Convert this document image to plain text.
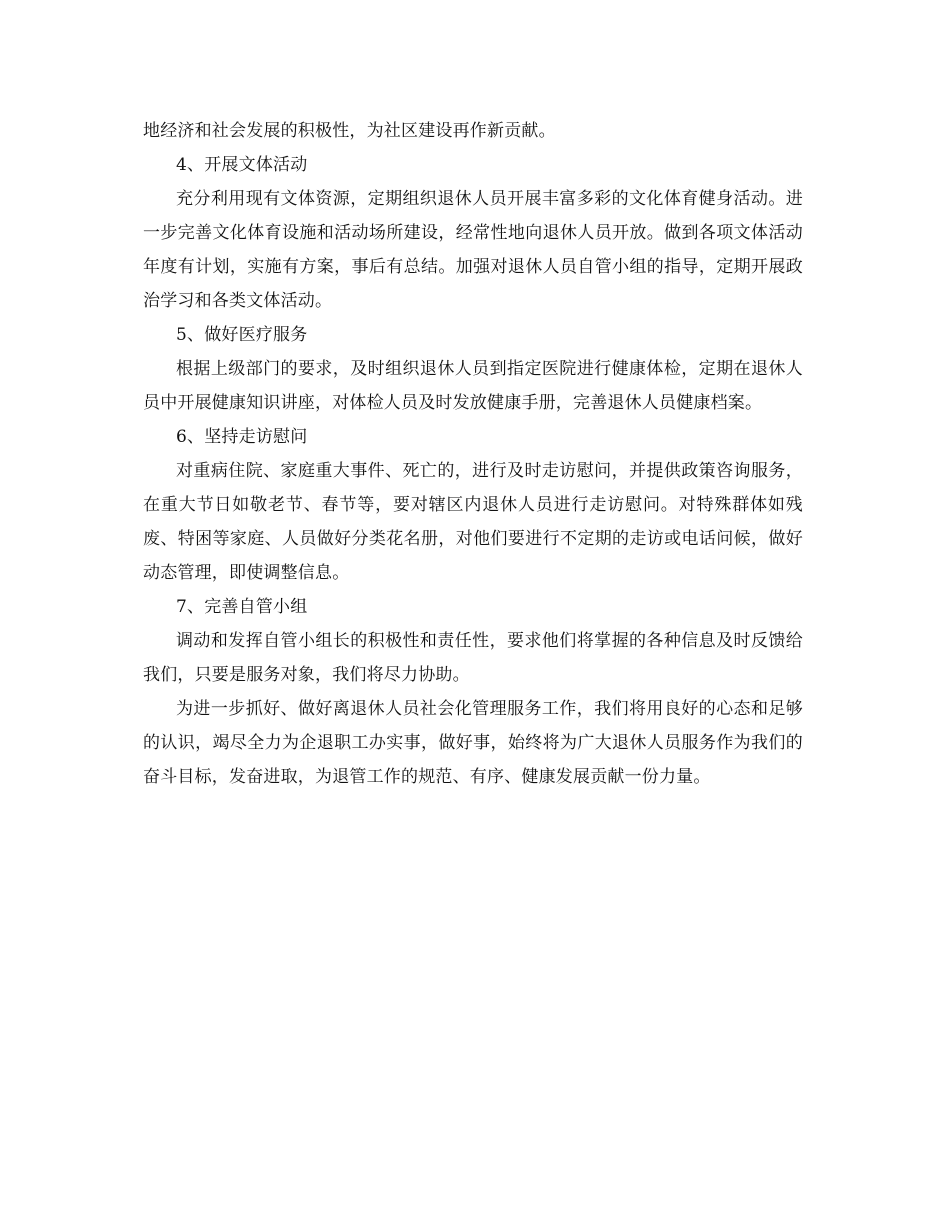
地经济和社会发展的积极性，为社区建设再作新贡献。

4、开展文体活动

充分利用现有文体资源，定期组织退休人员开展丰富多彩的文化体育健身活动。进一步完善文化体育设施和活动场所建设，经常性地向退休人员开放。做到各项文体活动年度有计划，实施有方案，事后有总结。加强对退休人员自管小组的指导，定期开展政治学习和各类文体活动。

5、做好医疗服务

根据上级部门的要求，及时组织退休人员到指定医院进行健康体检，定期在退休人员中开展健康知识讲座，对体检人员及时发放健康手册，完善退休人员健康档案。

6、坚持走访慰问

对重病住院、家庭重大事件、死亡的，进行及时走访慰问，并提供政策咨询服务，在重大节日如敬老节、春节等，要对辖区内退休人员进行走访慰问。对特殊群体如残废、特困等家庭、人员做好分类花名册，对他们要进行不定期的走访或电话问候，做好动态管理，即使调整信息。

7、完善自管小组

调动和发挥自管小组长的积极性和责任性，要求他们将掌握的各种信息及时反馈给我们，只要是服务对象，我们将尽力协助。

为进一步抓好、做好离退休人员社会化管理服务工作，我们将用良好的心态和足够的认识，竭尽全力为企退职工办实事，做好事，始终将为广大退休人员服务作为我们的奋斗目标，发奋进取，为退管工作的规范、有序、健康发展贡献一份力量。
